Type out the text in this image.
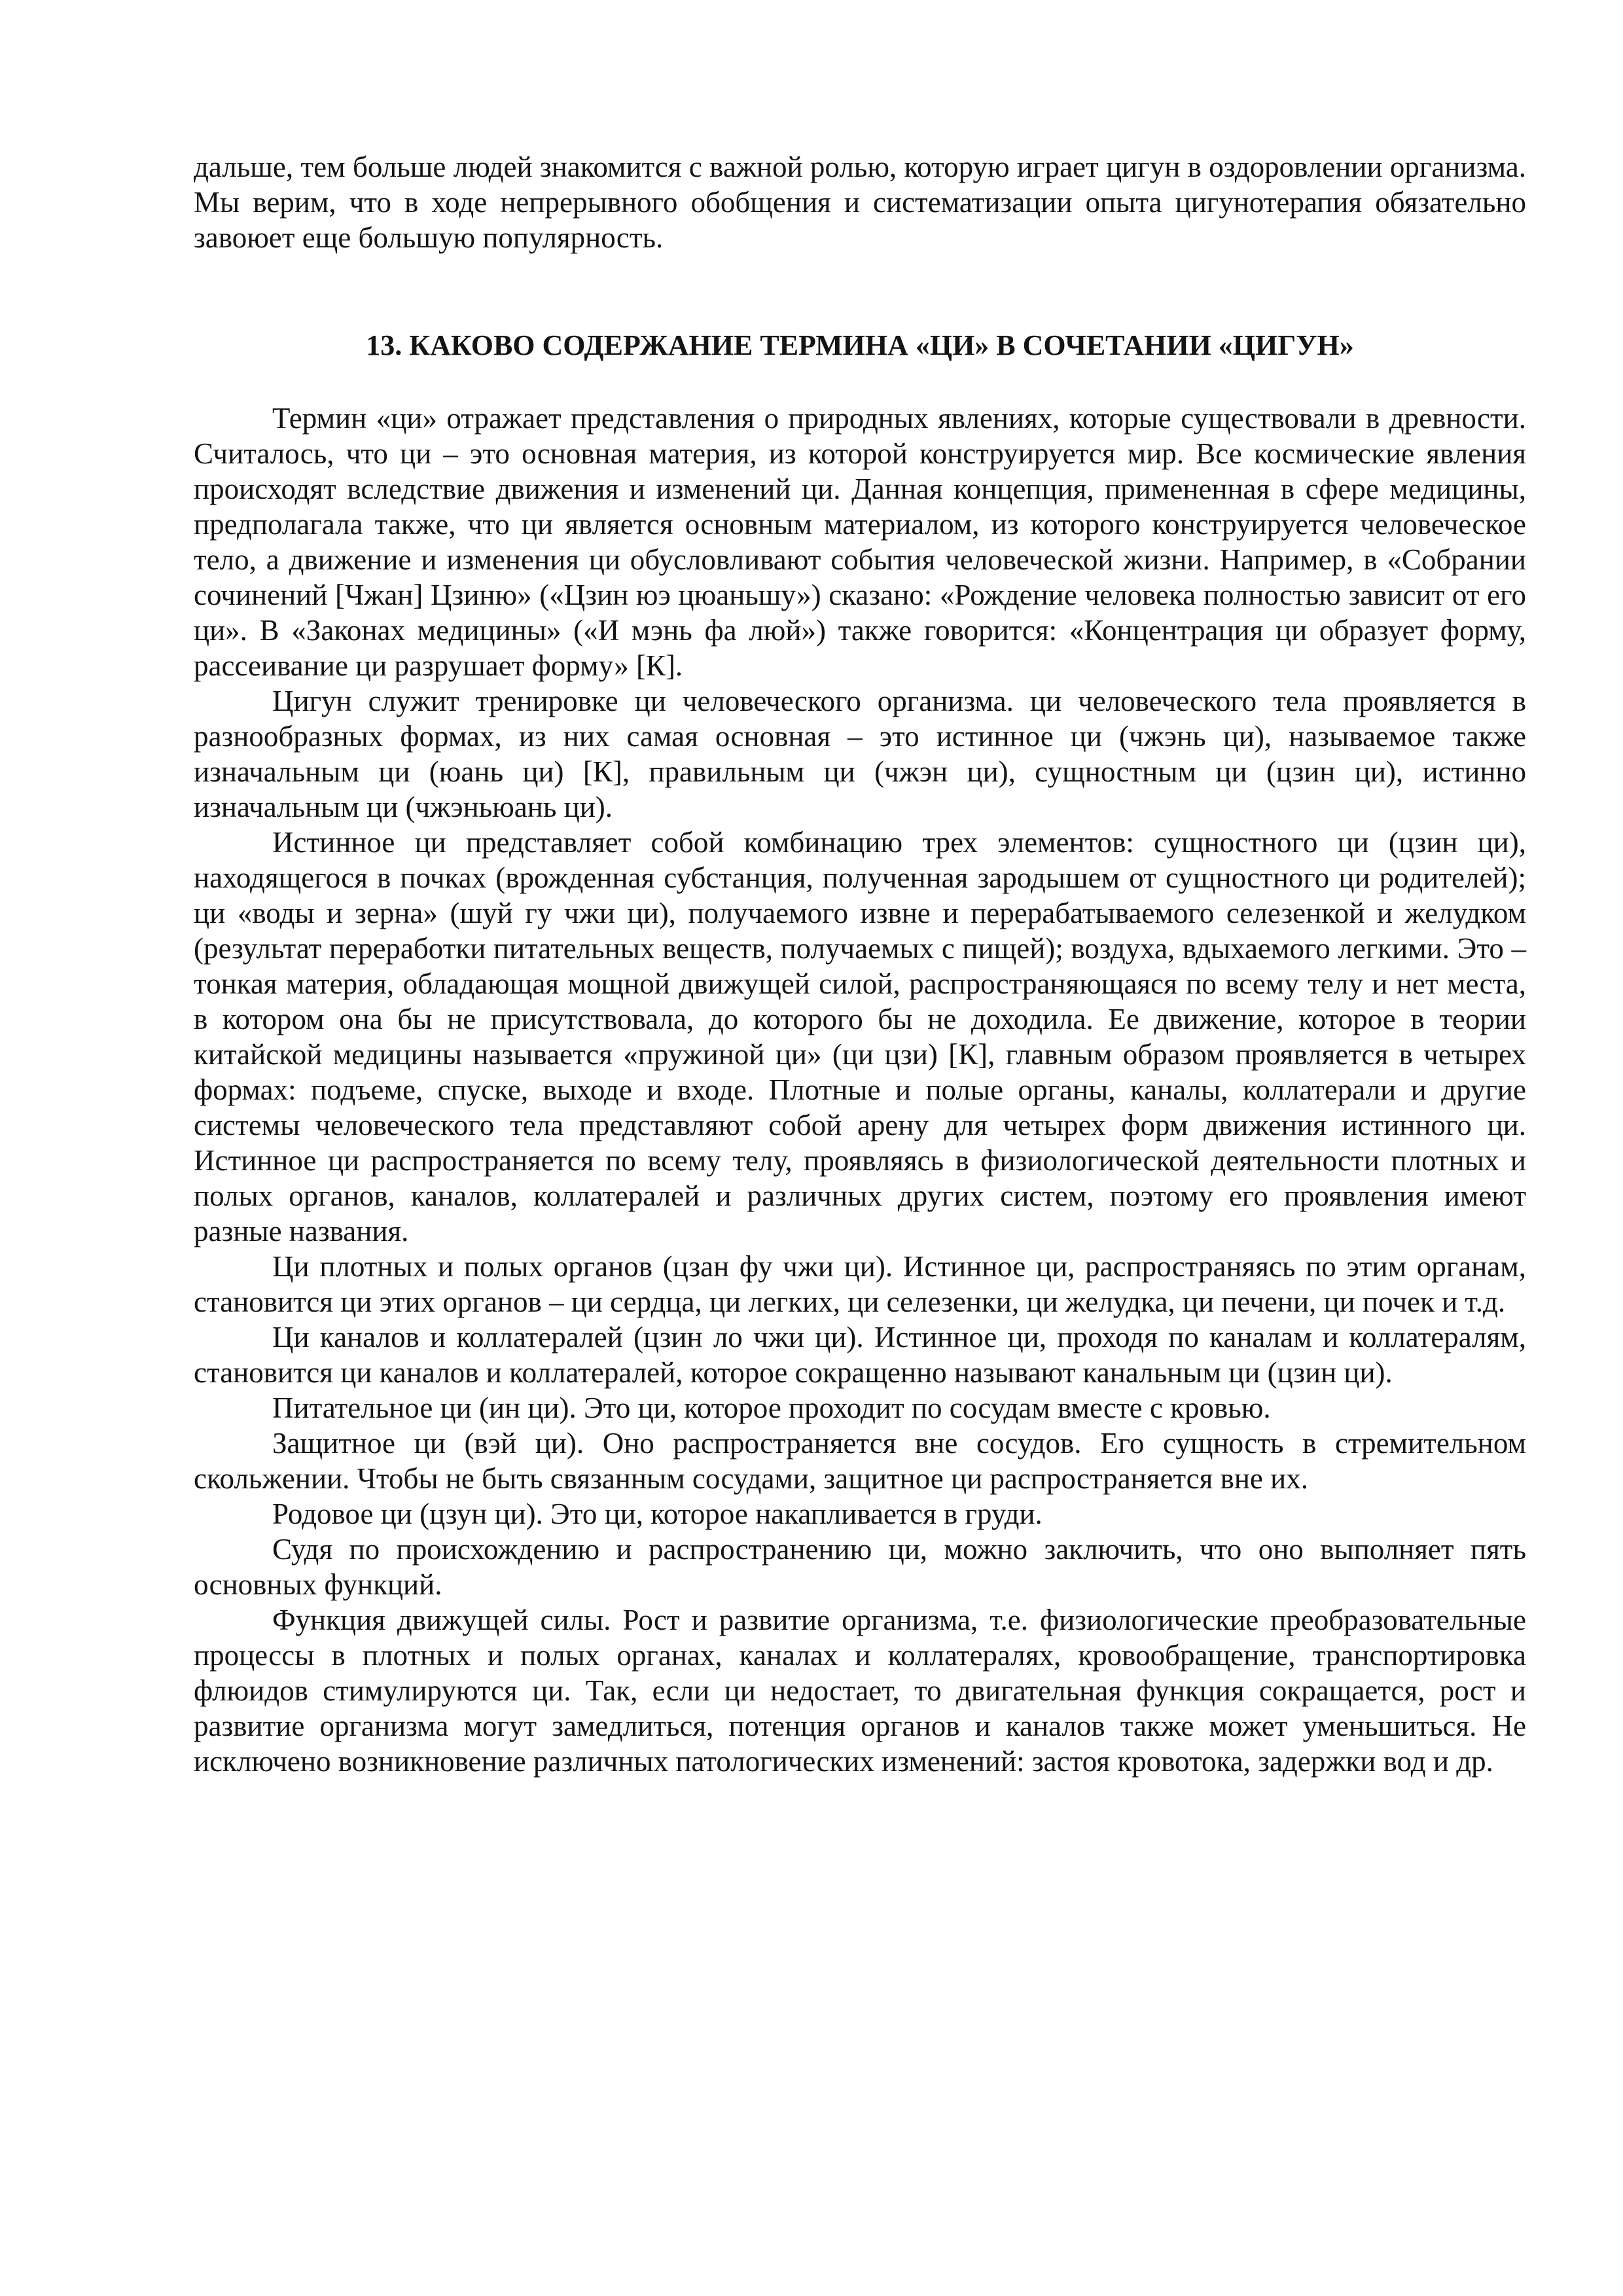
дальше, тем больше людей знакомится с важной ролью, которую играет цигун в оздоровлении организма. Мы верим, что в ходе непрерывного обобщения и систематизации опыта цигунотерапия обязательно завоюет еще большую популярность.

13. КАКОВО СОДЕРЖАНИЕ ТЕРМИНА «ЦИ» В СОЧЕТАНИИ «ЦИГУН»

Термин «ци» отражает представления о природных явлениях, которые существовали в древности. Считалось, что ци – это основная материя, из которой конструируется мир. Все космические явления происходят вследствие движения и изменений ци. Данная концепция, примененная в сфере медицины, предполагала также, что ци является основным материалом, из которого конструируется человеческое тело, а движение и изменения ци обусловливают события человеческой жизни. Например, в «Собрании сочинений [Чжан] Цзиню» («Цзин юэ цюаньшу») сказано: «Рождение человека полностью зависит от его ци». В «Законах медицины» («И мэнь фа люй») также говорится: «Концентрация ци образует форму, рассеивание ци разрушает форму» [К].

Цигун служит тренировке ци человеческого организма. ци человеческого тела проявляется в разнообразных формах, из них самая основная – это истинное ци (чжэнь ци), называемое также изначальным ци (юань ци) [К], правильным ци (чжэн ци), сущностным ци (цзин ци), истинно изначальным ци (чжэньюань ци).

Истинное ци представляет собой комбинацию трех элементов: сущностного ци (цзин ци), находящегося в почках (врожденная субстанция, полученная зародышем от сущностного ци родителей); ци «воды и зерна» (шуй гу чжи ци), получаемого извне и перерабатываемого селезенкой и желудком (результат переработки питательных веществ, получаемых с пищей); воздуха, вдыхаемого легкими. Это – тонкая материя, обладающая мощной движущей силой, распространяющаяся по всему телу и нет места, в котором она бы не присутствовала, до которого бы не доходила. Ее движение, которое в теории китайской медицины называется «пружиной ци» (ци цзи) [К], главным образом проявляется в четырех формах: подъеме, спуске, выходе и входе. Плотные и полые органы, каналы, коллатерали и другие системы человеческого тела представляют собой арену для четырех форм движения истинного ци. Истинное ци распространяется по всему телу, проявляясь в физиологической деятельности плотных и полых органов, каналов, коллатералей и различных других систем, поэтому его проявления имеют разные названия.

Ци плотных и полых органов (цзан фу чжи ци). Истинное ци, распространяясь по этим органам, становится ци этих органов – ци сердца, ци легких, ци селезенки, ци желудка, ци печени, ци почек и т.д.

Ци каналов и коллатералей (цзин ло чжи ци). Истинное ци, проходя по каналам и коллатералям, становится ци каналов и коллатералей, которое сокращенно называют канальным ци (цзин ци).

Питательное ци (ин ци). Это ци, которое проходит по сосудам вместе с кровью.

Защитное ци (вэй ци). Оно распространяется вне сосудов. Его сущность в стремительном скольжении. Чтобы не быть связанным сосудами, защитное ци распространяется вне их.

Родовое ци (цзун ци). Это ци, которое накапливается в груди.

Судя по происхождению и распространению ци, можно заключить, что оно выполняет пять основных функций.

Функция движущей силы. Рост и развитие организма, т.е. физиологические преобразовательные процессы в плотных и полых органах, каналах и коллатералях, кровообращение, транспортировка флюидов стимулируются ци. Так, если ци недостает, то двигательная функция сокращается, рост и развитие организма могут замедлиться, потенция органов и каналов также может уменьшиться. Не исключено возникновение различных патологических изменений: застоя кровотока, задержки вод и др.
